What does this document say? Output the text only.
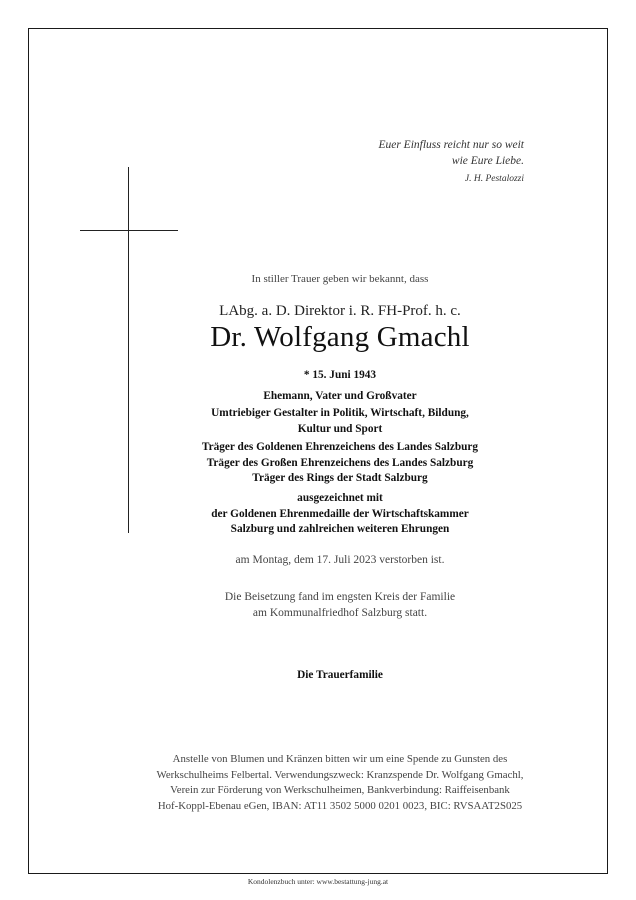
Euer Einfluss reicht nur so weit
wie Eure Liebe.
J. H. Pestalozzi
In stiller Trauer geben wir bekannt, dass
LAbg. a. D. Direktor i. R. FH-Prof. h. c.
Dr. Wolfgang Gmachl
* 15. Juni 1943
Ehemann, Vater und Großvater
Umtriebiger Gestalter in Politik, Wirtschaft, Bildung,
Kultur und Sport
Träger des Goldenen Ehrenzeichens des Landes Salzburg
Träger des Großen Ehrenzeichens des Landes Salzburg
Träger des Rings der Stadt Salzburg
ausgezeichnet mit
der Goldenen Ehrenmedaille der Wirtschaftskammer
Salzburg und zahlreichen weiteren Ehrungen
am Montag, dem 17. Juli 2023 verstorben ist.
Die Beisetzung fand im engsten Kreis der Familie
am Kommunalfriedhof Salzburg statt.
Die Trauerfamilie
Anstelle von Blumen und Kränzen bitten wir um eine Spende zu Gunsten des
Werkschulheims Felbertal. Verwendungszweck: Kranzspende Dr. Wolfgang Gmachl,
Verein zur Förderung von Werkschulheimen, Bankverbindung: Raiffeisenbank
Hof-Koppl-Ebenau eGen, IBAN: AT11 3502 5000 0201 0023, BIC: RVSAAT2S025
Kondolenzbuch unter: www.bestattung-jung.at
